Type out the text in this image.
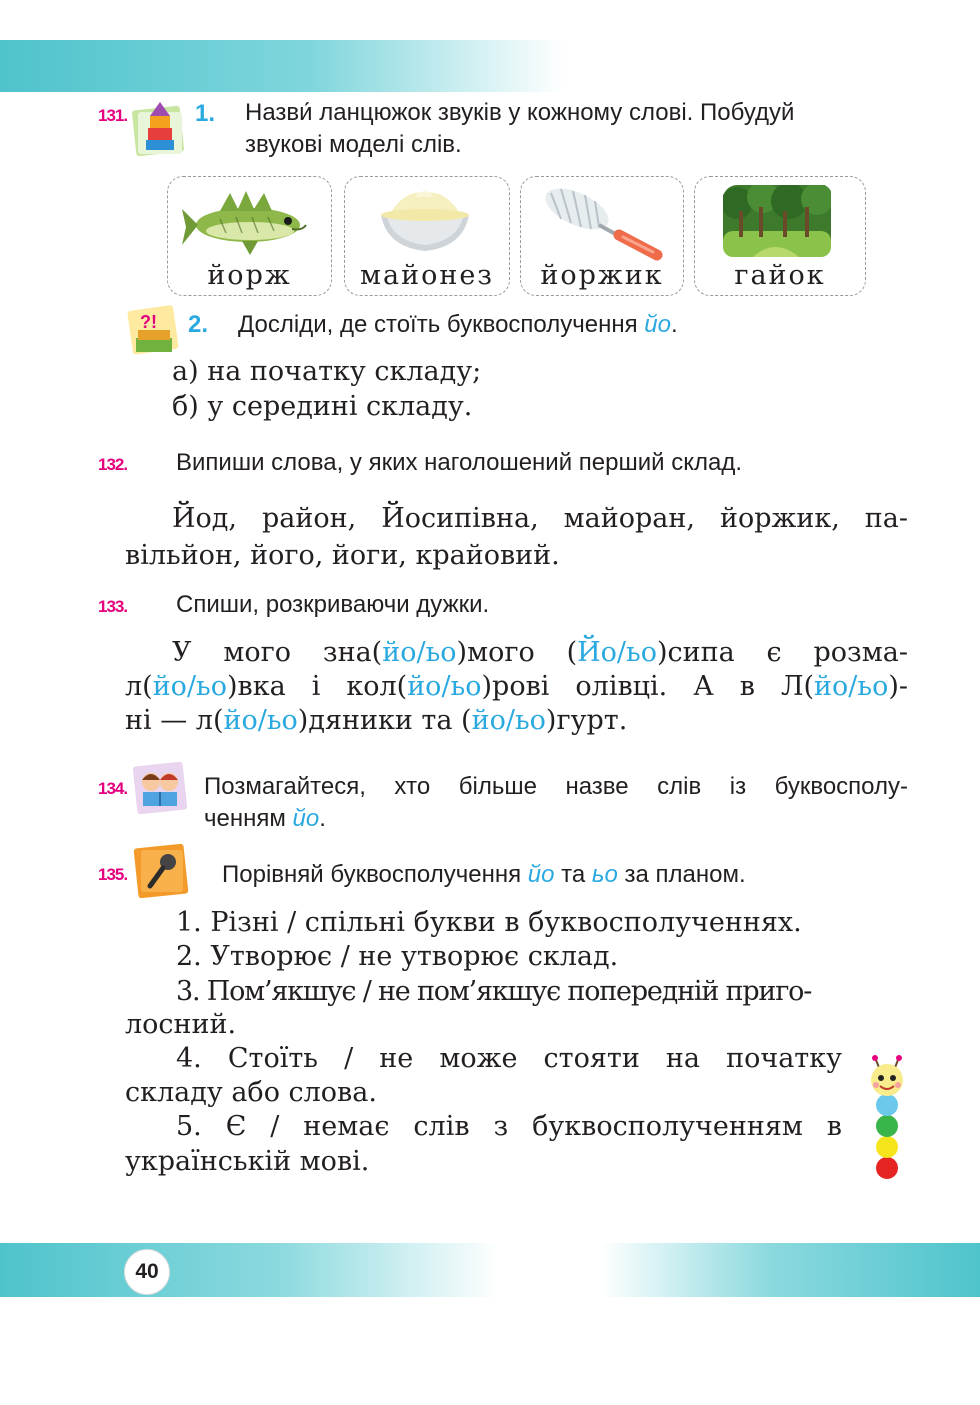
40
131.	1. Назви́ ланцюжок звуків у кожному слові. Побудуй
звукові моделі слів.
йорж	майонез	йоржик	гайок
?! 2. Досліди, де стоїть буквосполучення йо.
а) на початку складу;
б) у середині складу.
132. Випиши слова, у яких наголошений перший склад.
Йод, район, Йосипівна, майоран, йоржик, па-
вільйон, його, йоги, крайовий.
133. Спиши, розкриваючи дужки.
У мого зна(йо/ьо)мого (Йо/ьо)сипа є розма-
л(йо/ьо)вка і кол(йо/ьо)рові олівці. А в Л(йо/ьо)-
ні — л(йо/ьо)дяники та (йо/ьо)гурт.
134.	Позмагайтеся, хто більше назве слів із буквосполу-
ченням йо.
135.	Порівняй буквосполучення йо та ьо за планом.
1. Різні / спільні букви в буквосполученнях.
2. Утворює / не утворює склад.
3. Пом’якшує / не пом’якшує попередній приго-
лосний.
4. Стоїть / не може стояти на початку
складу або слова.
5. Є / немає слів з буквосполученням в
українській мові.
